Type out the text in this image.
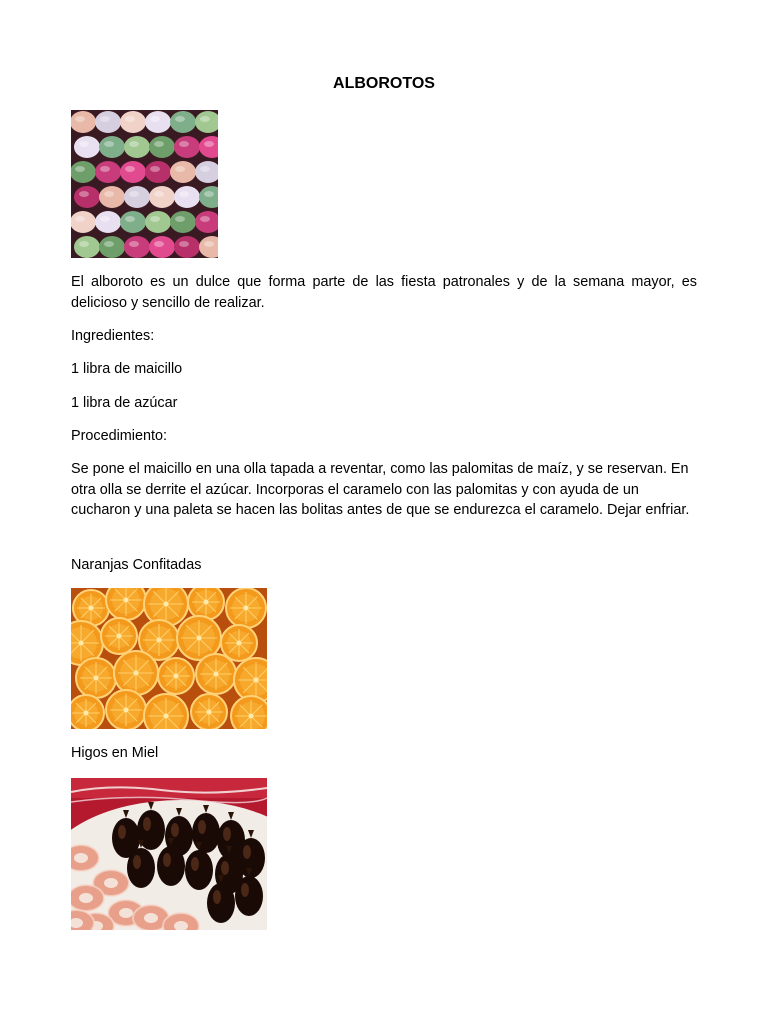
ALBOROTOS
El alboroto es un dulce que forma parte de las fiesta patronales y de la semana mayor, es delicioso y sencillo de realizar.
Ingredientes:
1 libra de maicillo
1 libra de azúcar
Procedimiento:
Se pone el maicillo en una olla tapada a reventar, como las palomitas de maíz, y se reservan. En otra olla se derrite el azúcar. Incorporas el caramelo con las palomitas y con ayuda de un cucharon y una paleta se hacen las bolitas antes de que se endurezca el caramelo. Dejar enfriar.
Naranjas Confitadas
Higos en Miel
